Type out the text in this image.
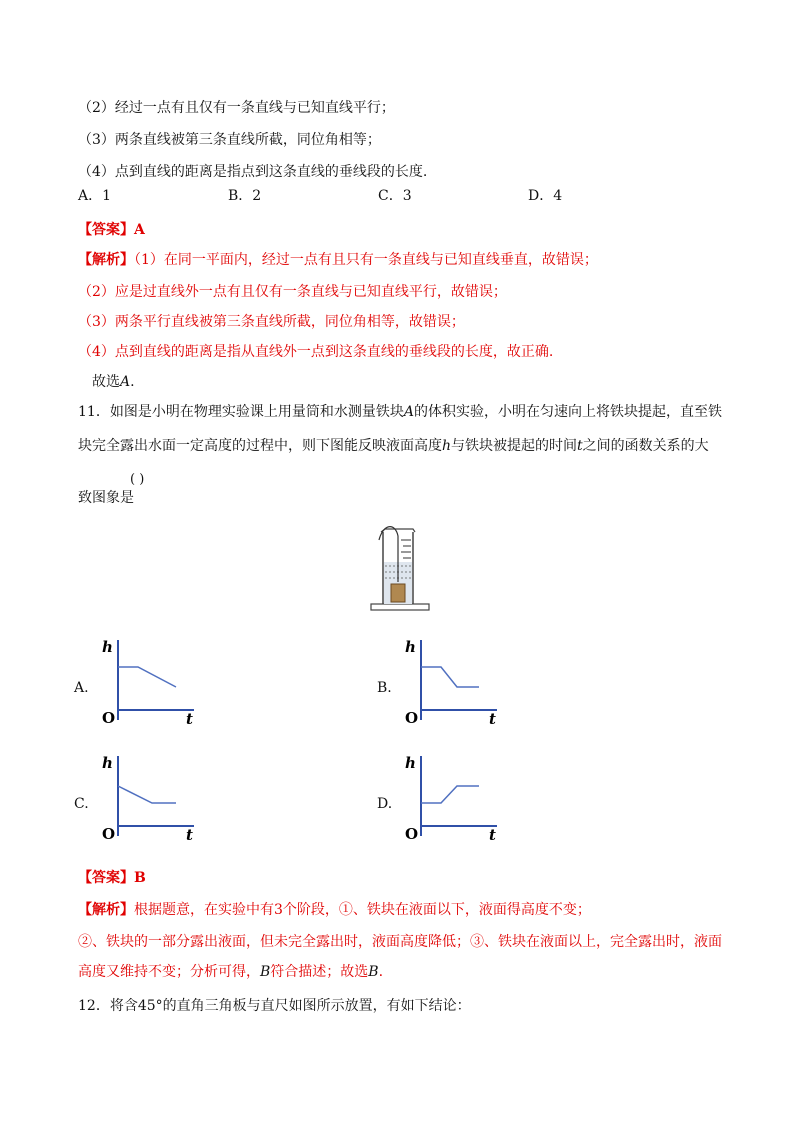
（2）经过一点有且仅有一条直线与已知直线平行；
（3）两条直线被第三条直线所截，同位角相等；
（4）点到直线的距离是指点到这条直线的垂线段的长度.
A．1	B．2	C．3	D．4
【答案】A
【解析】（1）在同一平面内，经过一点有且只有一条直线与已知直线垂直，故错误；
（2）应是过直线外一点有且仅有一条直线与已知直线平行，故错误；
（3）两条平行直线被第三条直线所截，同位角相等，故错误；
（4）点到直线的距离是指从直线外一点到这条直线的垂线段的长度，故正确.
故选A.
11．如图是小明在物理实验课上用量筒和水测量铁块A的体积实验，小明在匀速向上将铁块提起，直至铁
块完全露出水面一定高度的过程中，则下图能反映液面高度h与铁块被提起的时间t之间的函数关系的大
致图象是
( )
A.
h
t
O
B.
h
t
O
C.
h
t
O
D.
h
t
O
【答案】B
【解析】根据题意，在实验中有3个阶段，①、铁块在液面以下，液面得高度不变；
②、铁块的一部分露出液面，但未完全露出时，液面高度降低；③、铁块在液面以上，完全露出时，液面
高度又维持不变；分析可得，B符合描述；故选B.
12．将含45°的直角三角板与直尺如图所示放置，有如下结论：
